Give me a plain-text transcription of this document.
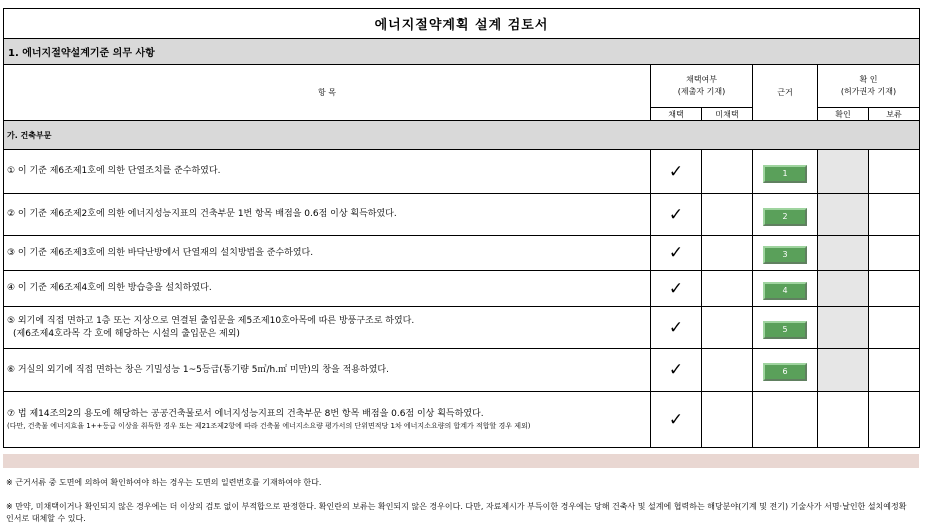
에너지절약계획 설계 검토서					
1. 에너지절약설계기준 의무 사항					
항 목	채택여부
(제출자 기재)		근거	확 인
(허가권자 기재)	
	채택	미채택		확인	보류
가. 건축부문					
① 이 기준 제6조제1호에 의한 단열조치를 준수하였다.	✓		1		
② 이 기준 제6조제2호에 의한 에너지성능지표의 건축부문 1번 항목 배점을 0.6점 이상 획득하였다.	✓		2		
③ 이 기준 제6조제3호에 의한 바닥난방에서 단열재의 설치방법을 준수하였다.	✓		3		
④ 이 기준 제6조제4호에 의한 방습층을 설치하였다.	✓		4		
⑤ 외기에 직접 면하고 1층 또는 지상으로 연결된 출입문을 제5조제10호아목에 따른 방풍구조로 하였다.
(제6조제4호라목 각 호에 해당하는 시설의 출입문은 제외)	✓		5		
⑥ 거실의 외기에 직접 면하는 창은 기밀성능 1~5등급(통기량 5㎥/h.㎡ 미만)의 창을 적용하였다.	✓		6		
⑦ 법 제14조의2의 용도에 해당하는 공공건축물로서 에너지성능지표의 건축부문 8번 항목 배점을 0.6점 이상 획득하였다.
(다만, 건축물 에너지효율 1++등급 이상을 취득한 경우 또는 제21조제2항에 따라 건축물 에너지소요량 평가서의 단위면적당 1차 에너지소요량의 합계가 적합할 경우 제외)	✓				
※ 근거서류 중 도면에 의하여 확인하여야 하는 경우는 도면의 일련번호를 기재하여야 한다.
※ 만약, 미채택이거나 확인되지 않은 경우에는 더 이상의 검토 없이 부적합으로 판정한다. 확인란의 보류는 확인되지 않은 경우이다. 다만, 자료제시가 부득이한 경우에는 당해 건축사 및 설계에 협력하는 해당분야(기계 및 전기) 기술사가 서명·날인한 설치예정확인서로 대체할 수 있다.
